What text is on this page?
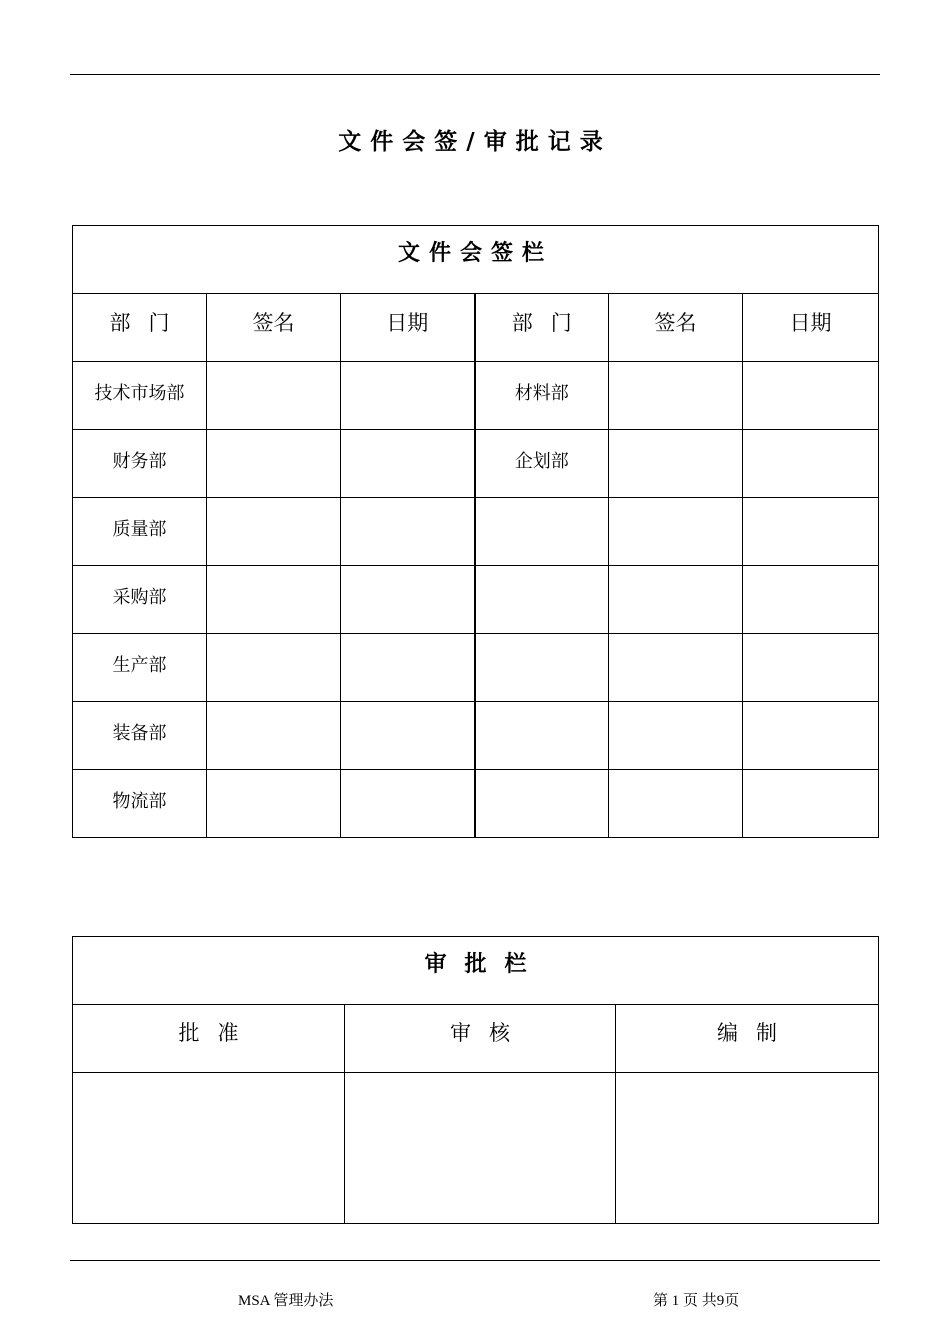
文件会签/审批记录
文件会签栏					
部门	签名	日期	部门	签名	日期
技术市场部			材料部		
财务部			企划部		
质量部					
采购部					
生产部					
装备部					
物流部					
审批栏		
批准	审核	编制

MSA 管理办法	第 1 页 共9页
